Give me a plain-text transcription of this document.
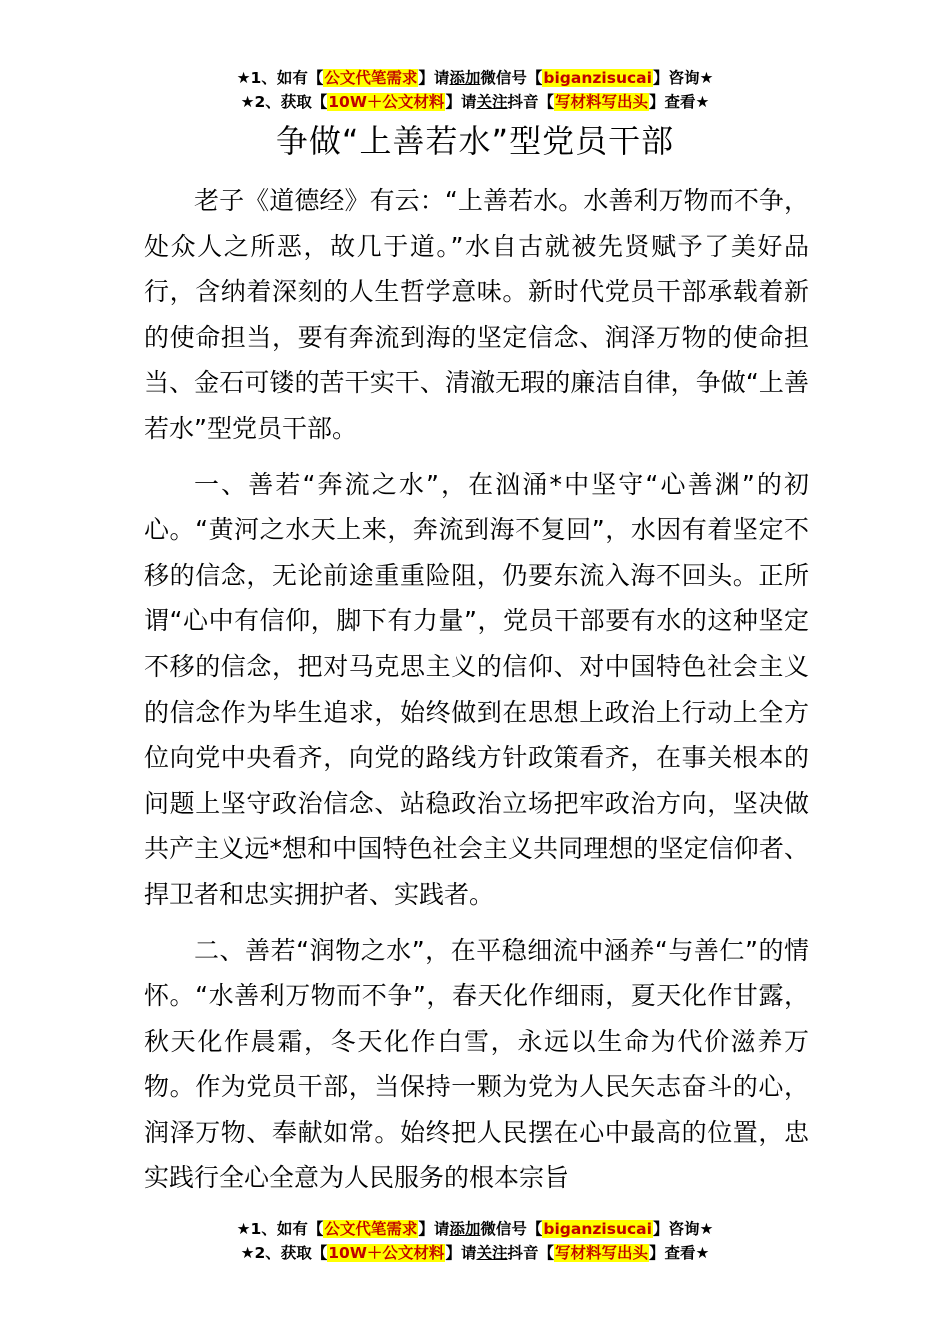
★1、如有【公文代笔需求】请添加微信号【biganzisucai】咨询★
★2、获取【10W＋公文材料】请关注抖音【写材料写出头】查看★
争做“上善若水”型党员干部

老子《道德经》有云：“上善若水。水善利万物而不争，处众人之所恶，故几于道。”水自古就被先贤赋予了美好品行，含纳着深刻的人生哲学意味。新时代党员干部承载着新的使命担当，要有奔流到海的坚定信念、润泽万物的使命担当、金石可镂的苦干实干、清澈无瑕的廉洁自律，争做“上善若水”型党员干部。

一、善若“奔流之水”，在汹涌*中坚守“心善渊”的初心。“黄河之水天上来，奔流到海不复回”，水因有着坚定不移的信念，无论前途重重险阻，仍要东流入海不回头。正所谓“心中有信仰，脚下有力量”，党员干部要有水的这种坚定不移的信念，把对马克思主义的信仰、对中国特色社会主义的信念作为毕生追求，始终做到在思想上政治上行动上全方位向党中央看齐，向党的路线方针政策看齐，在事关根本的问题上坚守政治信念、站稳政治立场把牢政治方向，坚决做共产主义远*想和中国特色社会主义共同理想的坚定信仰者、捍卫者和忠实拥护者、实践者。

二、善若“润物之水”，在平稳细流中涵养“与善仁”的情怀。“水善利万物而不争”，春天化作细雨，夏天化作甘露，秋天化作晨霜，冬天化作白雪，永远以生命为代价滋养万物。作为党员干部，当保持一颗为党为人民矢志奋斗的心，润泽万物、奉献如常。始终把人民摆在心中最高的位置，忠实践行全心全意为人民服务的根本宗旨

★1、如有【公文代笔需求】请添加微信号【biganzisucai】咨询★
★2、获取【10W＋公文材料】请关注抖音【写材料写出头】查看★
